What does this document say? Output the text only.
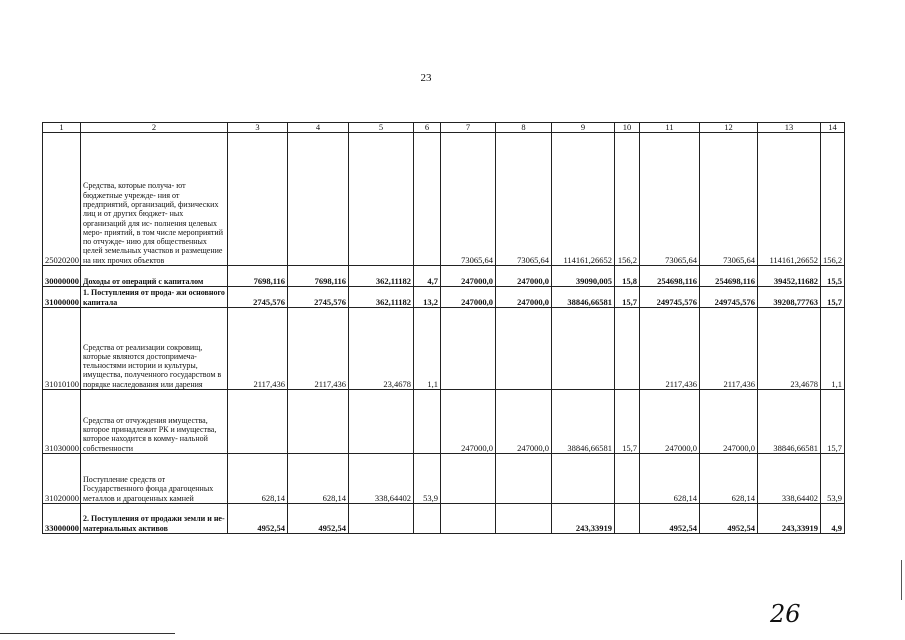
23
1	2	3	4	5	6	7	8	9	10	11	12	13	14
25020200	Средства, которые получа- ют бюджетные учрежде- ния от предприятий, организаций, физических лиц и от других бюджет- ных организаций для ис- полнения целевых меро- приятий, в том числе мероприятий по отчужде- нию для общественных целей земельных участков и размещение на них прочих объектов					73065,64	73065,64	114161,26652	156,2	73065,64	73065,64	114161,26652	156,2
30000000	Доходы от операций с капиталом	7698,116	7698,116	362,11182	4,7	247000,0	247000,0	39090,005	15,8	254698,116	254698,116	39452,11682	15,5
31000000	1. Поступления от прода- жи основного капитала	2745,576	2745,576	362,11182	13,2	247000,0	247000,0	38846,66581	15,7	249745,576	249745,576	39208,77763	15,7
31010100	Средства от реализации сокровищ, которые являются достопримеча- тельностями истории и культуры, имущества, полученного государством в порядке наследования или дарения	2117,436	2117,436	23,4678	1,1					2117,436	2117,436	23,4678	1,1
31030000	Средства от отчуждения имущества, которое принадлежит РК и имущества, которое находится в комму- нальной собственности					247000,0	247000,0	38846,66581	15,7	247000,0	247000,0	38846,66581	15,7
31020000	Поступление средств от Государственного фонда драгоценных металлов и драгоценных камней	628,14	628,14	338,64402	53,9					628,14	628,14	338,64402	53,9
33000000	2. Поступления от продажи земли и не- материальных активов	4952,54	4952,54					243,33919		4952,54	4952,54	243,33919	4,9
26
